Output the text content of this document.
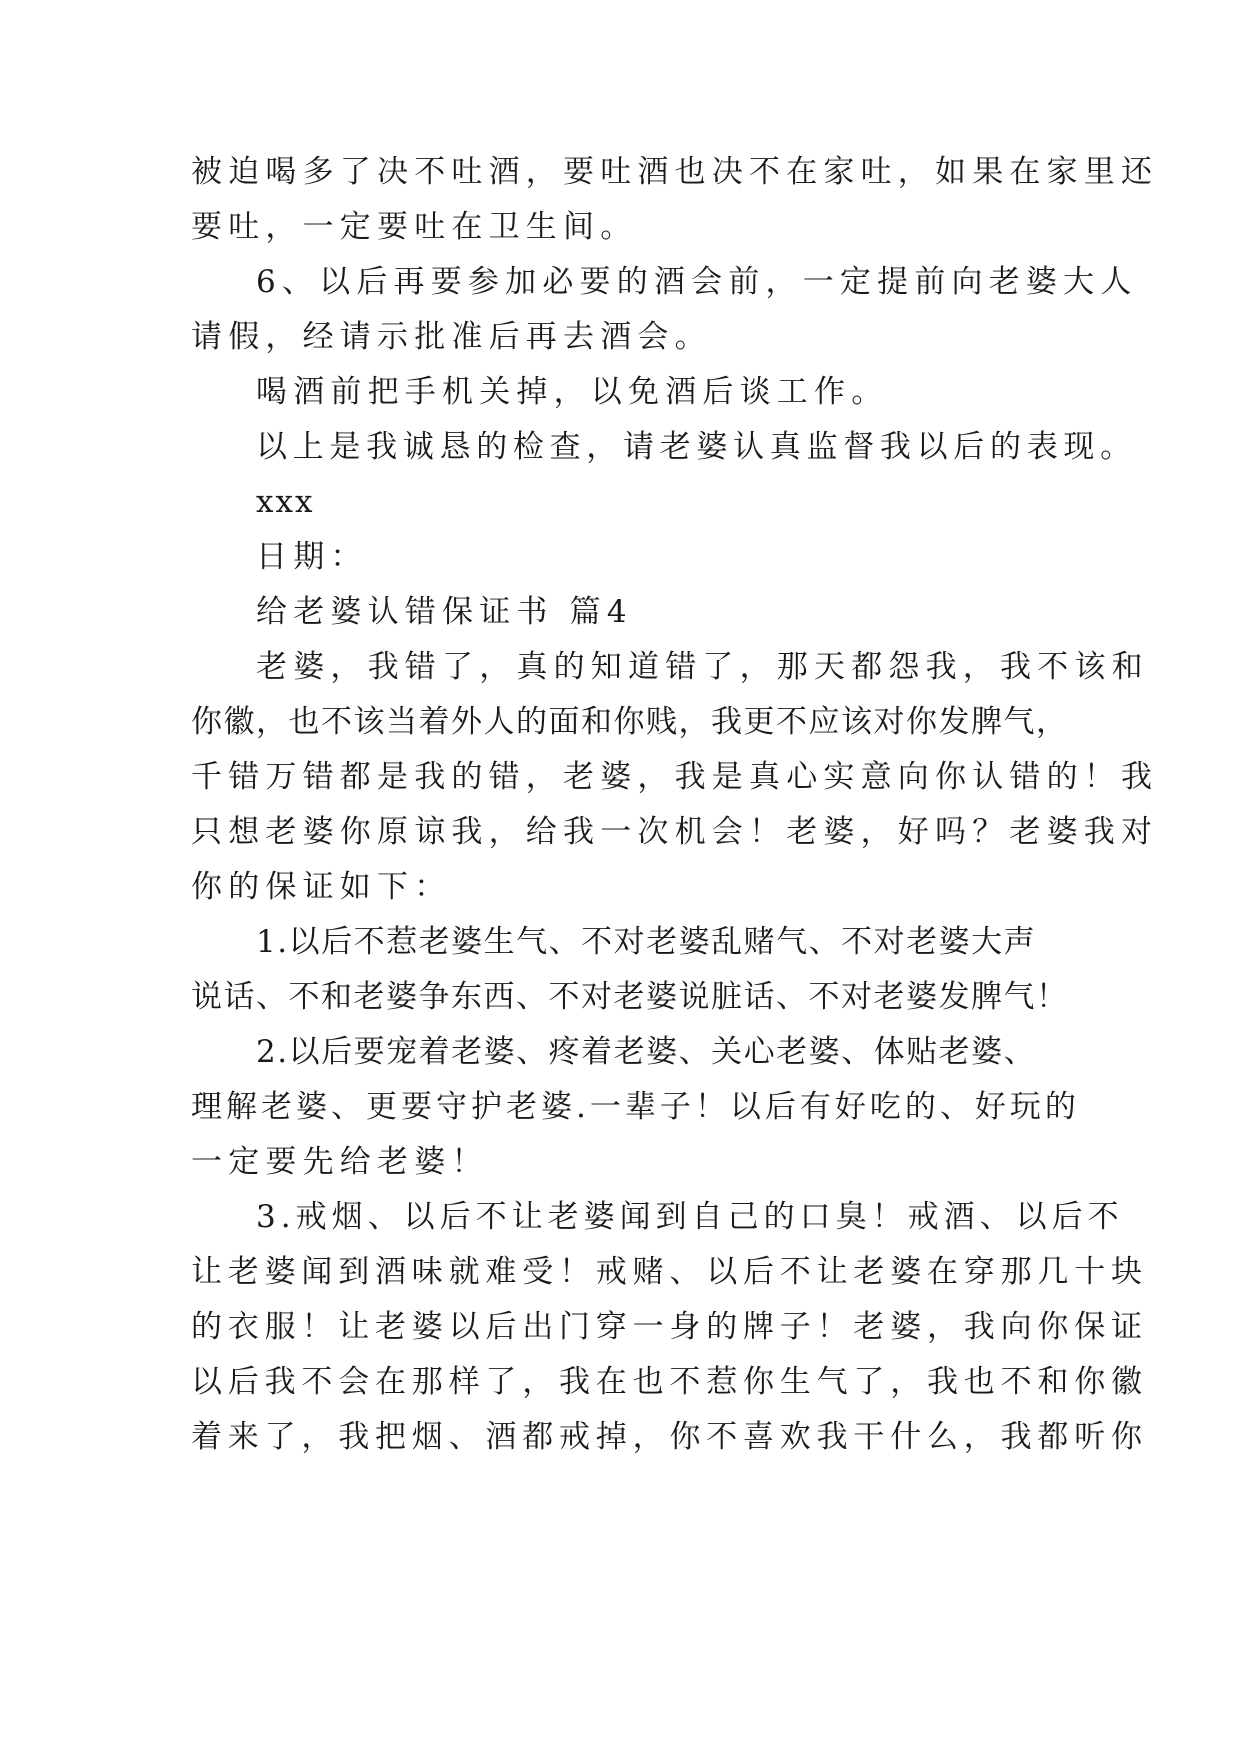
被迫喝多了决不吐酒，要吐酒也决不在家吐，如果在家里还
要吐，一定要吐在卫生间。
6、以后再要参加必要的酒会前，一定提前向老婆大人
请假，经请示批准后再去酒会。
喝酒前把手机关掉，以免酒后谈工作。
以上是我诚恳的检查，请老婆认真监督我以后的表现。
xxx
日期：
给老婆认错保证书 篇4
老婆，我错了，真的知道错了，那天都怨我，我不该和
你徽，也不该当着外人的面和你贱，我更不应该对你发脾气，
千错万错都是我的错，老婆，我是真心实意向你认错的！我
只想老婆你原谅我，给我一次机会！老婆，好吗？老婆我对
你的保证如下：
1.以后不惹老婆生气、不对老婆乱赌气、不对老婆大声
说话、不和老婆争东西、不对老婆说脏话、不对老婆发脾气！
2.以后要宠着老婆、疼着老婆、关心老婆、体贴老婆、
理解老婆、更要守护老婆.一辈子！以后有好吃的、好玩的
一定要先给老婆！
3.戒烟、以后不让老婆闻到自己的口臭！戒酒、以后不
让老婆闻到酒味就难受！戒赌、以后不让老婆在穿那几十块
的衣服！让老婆以后出门穿一身的牌子！老婆，我向你保证
以后我不会在那样了，我在也不惹你生气了，我也不和你徽
着来了，我把烟、酒都戒掉，你不喜欢我干什么，我都听你
